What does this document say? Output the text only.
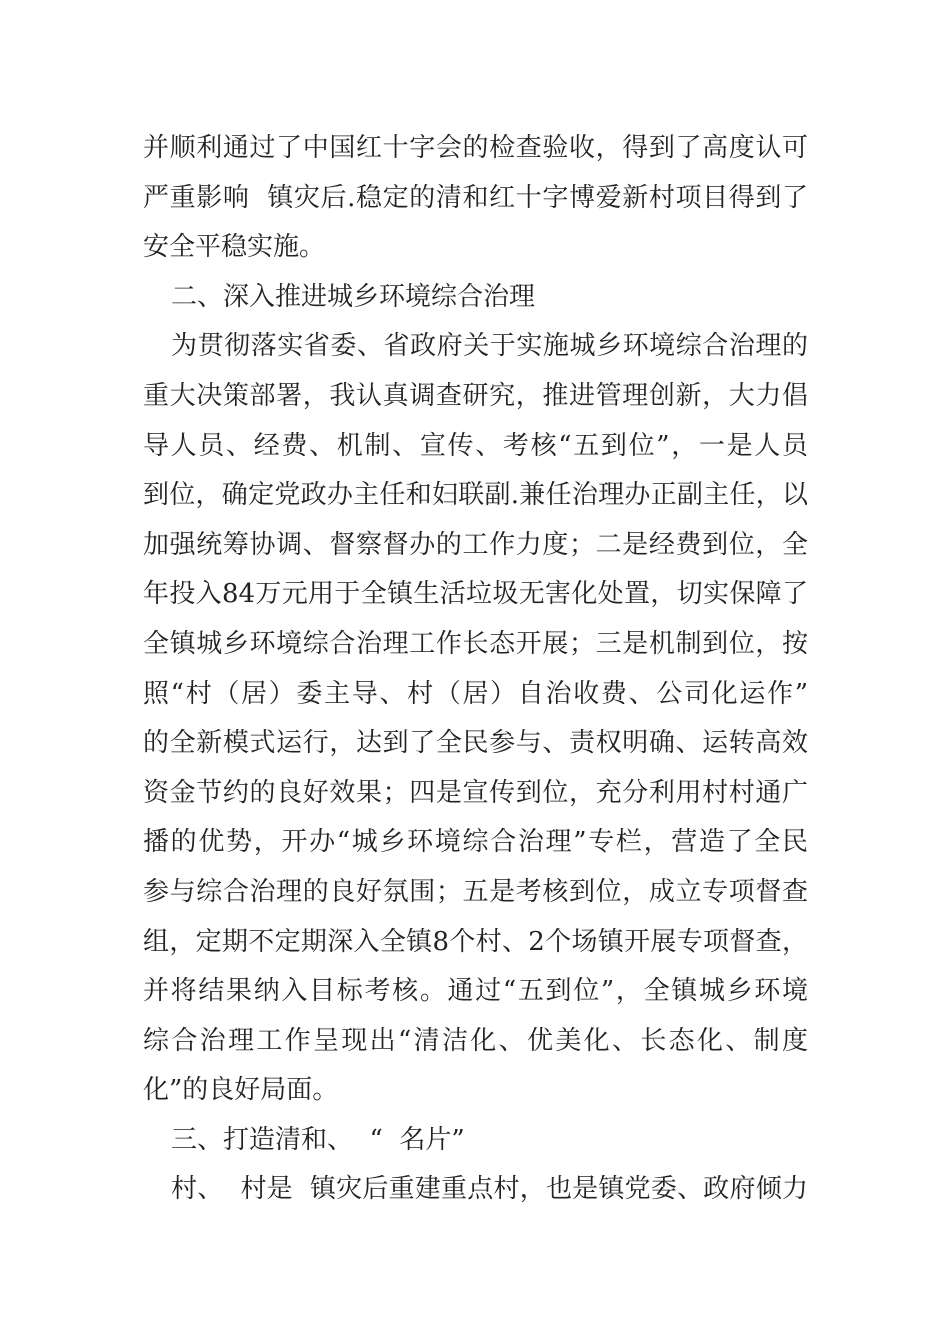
并顺利通过了中国红十字会的检查验收，得到了高度认可
严重影响  镇灾后.稳定的清和红十字博爱新村项目得到了
安全平稳实施。
二、深入推进城乡环境综合治理
为贯彻落实省委、省政府关于实施城乡环境综合治理的
重大决策部署，我认真调查研究，推进管理创新，大力倡
导人员、经费、机制、宣传、考核“五到位”，一是人员
到位，确定党政办主任和妇联副.兼任治理办正副主任，以
加强统筹协调、督察督办的工作力度；二是经费到位，全
年投入84万元用于全镇生活垃圾无害化处置，切实保障了
全镇城乡环境综合治理工作长态开展；三是机制到位，按
照“村（居）委主导、村（居）自治收费、公司化运作”
的全新模式运行，达到了全民参与、责权明确、运转高效
资金节约的良好效果；四是宣传到位，充分利用村村通广
播的优势，开办“城乡环境综合治理”专栏，营造了全民
参与综合治理的良好氛围；五是考核到位，成立专项督查
组，定期不定期深入全镇8个村、2个场镇开展专项督查，
并将结果纳入目标考核。通过“五到位”，全镇城乡环境
综合治理工作呈现出“清洁化、优美化、长态化、制度
化”的良好局面。
三、打造清和、  “  名片”
村、  村是  镇灾后重建重点村，也是镇党委、政府倾力
